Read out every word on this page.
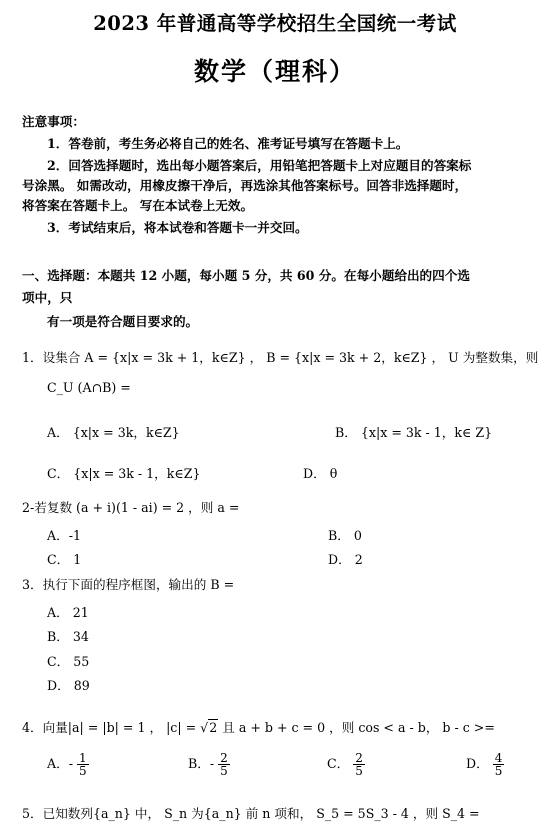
2023 年普通高等学校招生全国统一考试
数学（理科）
注意事项：
1．答卷前，考生务必将自己的姓名、准考证号填写在答题卡上。
2．回答选择题时，选出每小题答案后，用铅笔把答题卡上对应题目的答案标
号涂黑。 如需改动，用橡皮擦干净后，再选涂其他答案标号。回答非选择题时，
将答案在答题卡上。 写在本试卷上无效。
3．考试结束后，将本试卷和答题卡一并交回。
一、选择题：本题共 12 小题，每小题 5 分，共 60 分。在每小题给出的四个选
项中，只
有一项是符合题目要求的。
1．设集合 A = {x|x = 3k + 1，k∈Z} ， B = {x|x = 3k + 2，k∈Z} ， U 为整数集，则
C_U (A∩B) =
A． {x|x = 3k，k∈Z}	B． {x|x = 3k - 1，k∈ Z}
C． {x|x = 3k - 1，k∈Z}	D． θ
2-若复数 (a + i)(1 - ai) = 2 ，则 a =
A．-1	B． 0
C． 1	D． 2
3．执行下面的程序框图，输出的 B =
A． 21
B． 34
C． 55
D． 89
4．向量|a| = |b| = 1 ， |c| = √2 且 a + b + c = 0 ，则 cos < a - b， b - c >=
A．- $\frac{1}{5}$	B．- $\frac{2}{5}$	C． $\frac{2}{5}$	D． $\frac{4}{5}$
5．已知数列{a_n} 中， S_n 为{a_n} 前 n 项和， S_5 = 5S_3 - 4 ，则 S_4 =
